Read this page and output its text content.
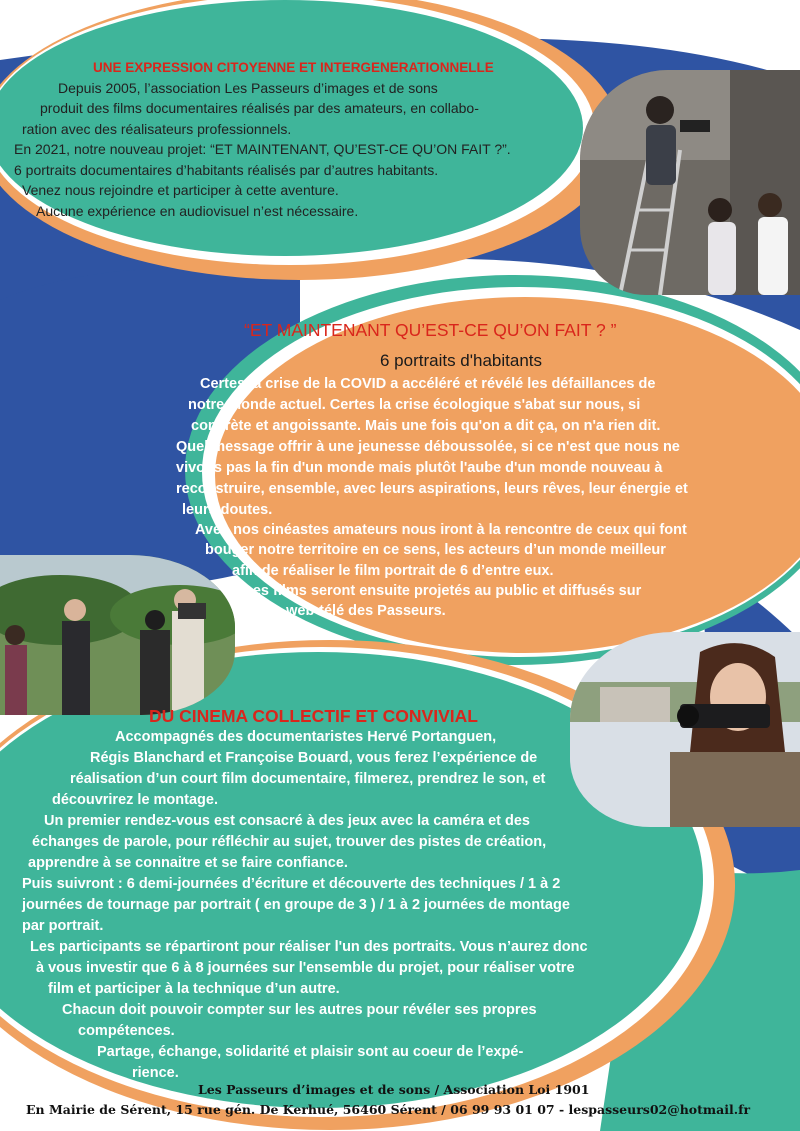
UNE EXPRESSION CITOYENNE ET INTERGENERATIONNELLE
Depuis 2005, l’association Les Passeurs d’images et de sons
produit des films documentaires réalisés par des amateurs, en collabo-
ration avec des réalisateurs professionnels.
En 2021, notre nouveau projet: “ET MAINTENANT, QU’EST-CE QU’ON FAIT ?”.
6 portraits documentaires d’habitants réalisés par d’autres habitants.
Venez nous rejoindre et participer à cette aventure.
Aucune expérience en audiovisuel n’est nécessaire.
“ET MAINTENANT QU’EST-CE QU’ON FAIT ? ”
6 portraits d'habitants
Certes la crise de la COVID a accéléré et révélé les défaillances de
notre monde actuel. Certes la crise écologique s'abat sur nous, si
concrète et angoissante. Mais une fois qu'on a dit ça, on n'a rien dit.
Quel message offrir à une jeunesse déboussolée, si ce n'est que nous ne
vivons pas la fin d'un monde mais plutôt l'aube d'un monde nouveau à
reconstruire, ensemble, avec leurs aspirations, leurs rêves, leur énergie et
leurs doutes.
Avec nos cinéastes amateurs nous iront à la rencontre de ceux qui font
bouger notre territoire en ce sens, les acteurs d’un monde meilleur
afin de réaliser le film portrait de 6 d’entre eux.
Les films seront ensuite projetés au public et diffusés sur
la web-télé des Passeurs.
DU CINEMA COLLECTIF ET CONVIVIAL
Accompagnés des documentaristes Hervé Portanguen,
Régis Blanchard et Françoise Bouard, vous ferez l’expérience de
réalisation d’un court film documentaire, filmerez, prendrez le son, et
découvrirez le montage.
Un premier rendez-vous est consacré à des jeux avec la caméra et des
échanges de parole, pour réfléchir au sujet, trouver des pistes de création,
apprendre à se connaitre et se faire confiance.
Puis suivront : 6 demi-journées d’écriture et découverte des techniques / 1 à 2
journées de tournage par portrait ( en groupe de 3 ) / 1 à 2 journées de montage
par portrait.
Les participants se répartiront pour réaliser l'un des portraits. Vous n’aurez donc
à vous investir que 6 à 8 journées sur l'ensemble du projet, pour réaliser votre
film et participer à la technique d’un autre.
Chacun doit pouvoir compter sur les autres pour révéler ses propres
compétences.
Partage, échange, solidarité et plaisir sont au coeur de l’expé-
rience.
Les Passeurs d’images et de sons / Association Loi 1901
En Mairie de Sérent, 15 rue gén. De Kerhué, 56460 Sérent / 06 99 93 01 07 - lespasseurs02@hotmail.fr
